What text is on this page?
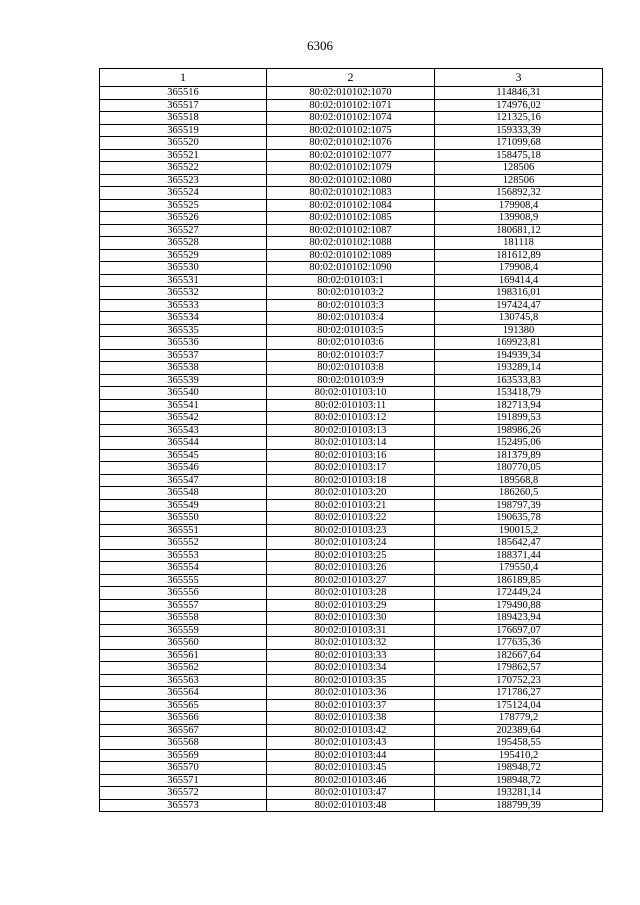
6306
1	2	3
365516	80:02:010102:1070	114846,31
365517	80:02:010102:1071	174976,02
365518	80:02:010102:1074	121325,16
365519	80:02:010102:1075	159333,39
365520	80:02:010102:1076	171099,68
365521	80:02:010102:1077	158475,18
365522	80:02:010102:1079	128506
365523	80:02:010102:1080	128506
365524	80:02:010102:1083	156892,32
365525	80:02:010102:1084	179908,4
365526	80:02:010102:1085	139908,9
365527	80:02:010102:1087	180681,12
365528	80:02:010102:1088	181118
365529	80:02:010102:1089	181612,89
365530	80:02:010102:1090	179908,4
365531	80:02:010103:1	169414,4
365532	80:02:010103:2	198316,01
365533	80:02:010103:3	197424,47
365534	80:02:010103:4	130745,8
365535	80:02:010103:5	191380
365536	80:02:010103:6	169923,81
365537	80:02:010103:7	194939,34
365538	80:02:010103:8	193289,14
365539	80:02:010103:9	163533,83
365540	80:02:010103:10	153418,79
365541	80:02:010103:11	182713,94
365542	80:02:010103:12	191899,53
365543	80:02:010103:13	198986,26
365544	80:02:010103:14	152495,06
365545	80:02:010103:16	181379,89
365546	80:02:010103:17	180770,05
365547	80:02:010103:18	189568,8
365548	80:02:010103:20	186260,5
365549	80:02:010103:21	198797,39
365550	80:02:010103:22	190635,78
365551	80:02:010103:23	190015,2
365552	80:02:010103:24	185642,47
365553	80:02:010103:25	188371,44
365554	80:02:010103:26	179550,4
365555	80:02:010103:27	186189,85
365556	80:02:010103:28	172449,24
365557	80:02:010103:29	179490,88
365558	80:02:010103:30	189423,94
365559	80:02:010103:31	176697,07
365560	80:02:010103:32	177635,36
365561	80:02:010103:33	182667,64
365562	80:02:010103:34	179862,57
365563	80:02:010103:35	170752,23
365564	80:02:010103:36	171786,27
365565	80:02:010103:37	175124,04
365566	80:02:010103:38	178779,2
365567	80:02:010103:42	202389,64
365568	80:02:010103:43	195458,55
365569	80:02:010103:44	195410,2
365570	80:02:010103:45	198948,72
365571	80:02:010103:46	198948,72
365572	80:02:010103:47	193281,14
365573	80:02:010103:48	188799,39
